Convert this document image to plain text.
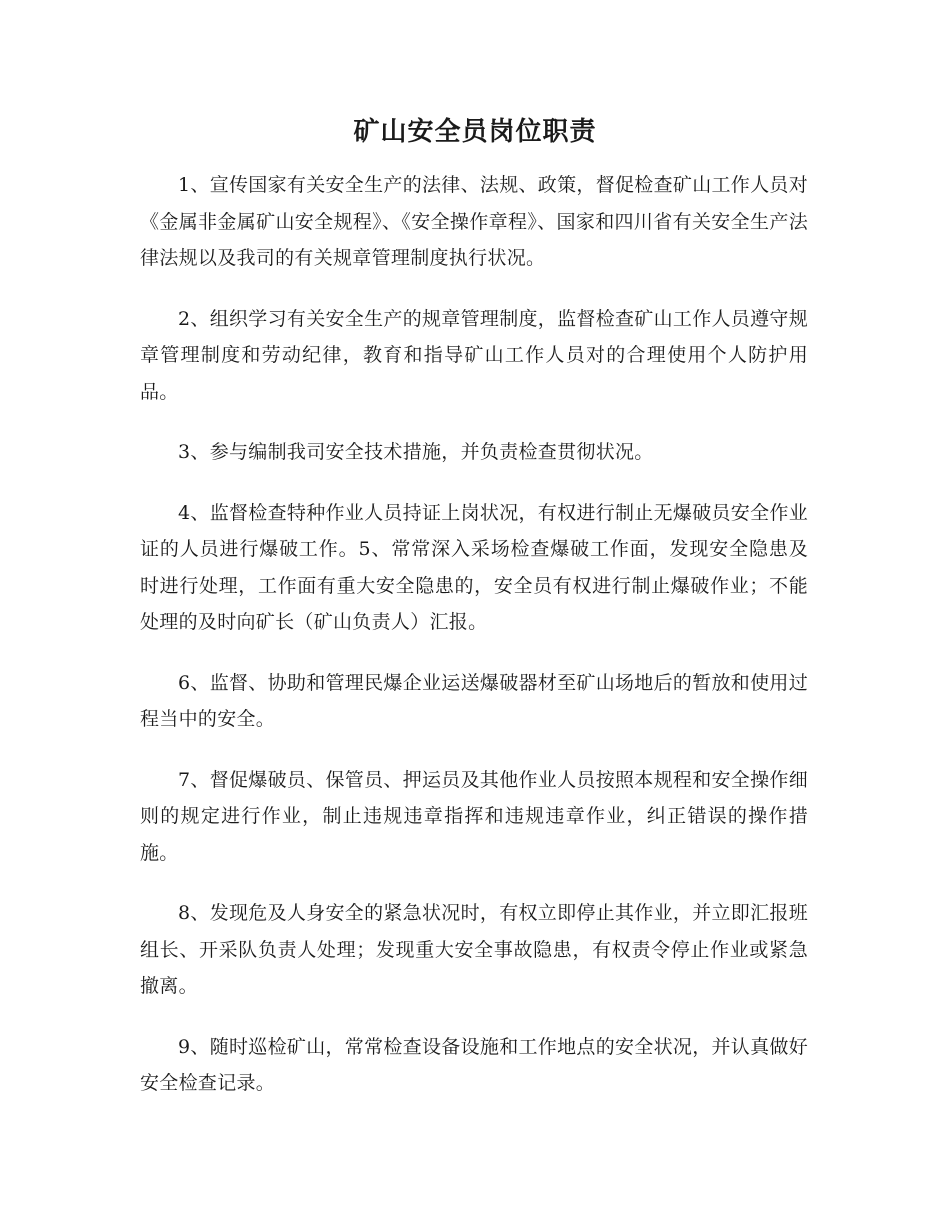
矿山安全员岗位职责

1、宣传国家有关安全生产的法律、法规、政策，督促检查矿山工作人员对《金属非金属矿山安全规程》、《安全操作章程》、国家和四川省有关安全生产法律法规以及我司的有关规章管理制度执行状况。

2、组织学习有关安全生产的规章管理制度，监督检查矿山工作人员遵守规章管理制度和劳动纪律，教育和指导矿山工作人员对的合理使用个人防护用品。

3、参与编制我司安全技术措施，并负责检查贯彻状况。

4、监督检查特种作业人员持证上岗状况，有权进行制止无爆破员安全作业证的人员进行爆破工作。5、常常深入采场检查爆破工作面，发现安全隐患及时进行处理，工作面有重大安全隐患的，安全员有权进行制止爆破作业；不能处理的及时向矿长（矿山负责人）汇报。

6、监督、协助和管理民爆企业运送爆破器材至矿山场地后的暂放和使用过程当中的安全。

7、督促爆破员、保管员、押运员及其他作业人员按照本规程和安全操作细则的规定进行作业，制止违规违章指挥和违规违章作业，纠正错误的操作措施。

8、发现危及人身安全的紧急状况时，有权立即停止其作业，并立即汇报班组长、开采队负责人处理；发现重大安全事故隐患，有权责令停止作业或紧急撤离。

9、随时巡检矿山，常常检查设备设施和工作地点的安全状况，并认真做好安全检查记录。
